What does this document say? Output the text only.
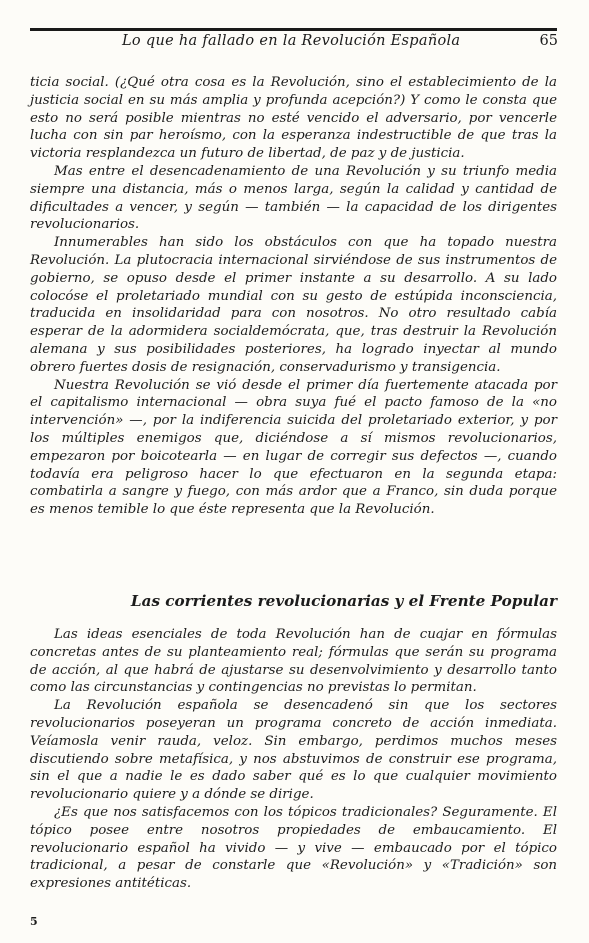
Lo que ha fallado en la Revolución Española	65

ticia social. (¿Qué otra cosa es la Revolución, sino el establecimiento de la justicia social en su más amplia y profunda acepción?) Y como le consta que esto no será posible mientras no esté vencido el adversario, por vencerle lucha con sin par heroísmo, con la esperanza indestructible de que tras la victoria resplandezca un futuro de libertad, de paz y de justicia.

Mas entre el desencadenamiento de una Revolución y su triunfo media siempre una distancia, más o menos larga, según la calidad y cantidad de dificultades a vencer, y según — también — la capacidad de los dirigentes revolucionarios.

Innumerables han sido los obstáculos con que ha topado nuestra Revolución. La plutocracia internacional sirviéndose de sus instrumentos de gobierno, se opuso desde el primer instante a su desarrollo. A su lado colocóse el proletariado mundial con su gesto de estúpida inconsciencia, traducida en insolidaridad para con nosotros. No otro resultado cabía esperar de la adormidera socialdemócrata, que, tras destruir la Revolución alemana y sus posibilidades posteriores, ha logrado inyectar al mundo obrero fuertes dosis de resignación, conservadurismo y transigencia.

Nuestra Revolución se vió desde el primer día fuertemente atacada por el capitalismo internacional — obra suya fué el pacto famoso de la «no intervención» —, por la indiferencia suicida del proletariado exterior, y por los múltiples enemigos que, diciéndose a sí mismos revolucionarios, empezaron por boicotearla — en lugar de corregir sus defectos —, cuando todavía era peligroso hacer lo que efectuaron en la segunda etapa: combatirla a sangre y fuego, con más ardor que a Franco, sin duda porque es menos temible lo que éste representa que la Revolución.

Las corrientes revolucionarias y el Frente Popular

Las ideas esenciales de toda Revolución han de cuajar en fórmulas concretas antes de su planteamiento real; fórmulas que serán su programa de acción, al que habrá de ajustarse su desenvolvimiento y desarrollo tanto como las circunstancias y contingencias no previstas lo permitan.

La Revolución española se desencadenó sin que los sectores revolucionarios poseyeran un programa concreto de acción inmediata. Veíamosla venir rauda, veloz. Sin embargo, perdimos muchos meses discutiendo sobre metafísica, y nos abstuvimos de construir ese programa, sin el que a nadie le es dado saber qué es lo que cualquier movimiento revolucionario quiere y a dónde se dirige.

¿Es que nos satisfacemos con los tópicos tradicionales? Seguramente. El tópico posee entre nosotros propiedades de embaucamiento. El revolucionario español ha vivido — y vive — embaucado por el tópico tradicional, a pesar de constarle que «Revolución» y «Tradición» son expresiones antitéticas.

5
